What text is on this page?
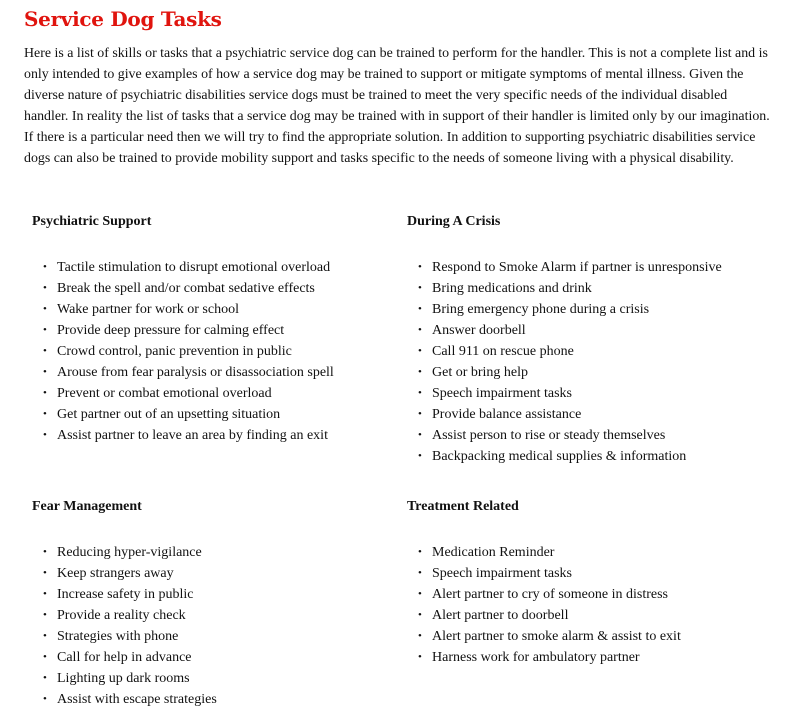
Service Dog Tasks

Here is a list of skills or tasks that a psychiatric service dog can be trained to perform for the handler. This is not a complete list and is only intended to give examples of how a service dog may be trained to support or mitigate symptoms of mental illness. Given the diverse nature of psychiatric disabilities service dogs must be trained to meet the very specific needs of the individual disabled handler. In reality the list of tasks that a service dog may be trained with in support of their handler is limited only by our imagination. If there is a particular need then we will try to find the appropriate solution. In addition to supporting psychiatric disabilities service dogs can also be trained to provide mobility support and tasks specific to the needs of someone living with a physical disability.

Psychiatric Support
• Tactile stimulation to disrupt emotional overload
• Break the spell and/or combat sedative effects
• Wake partner for work or school
• Provide deep pressure for calming effect
• Crowd control, panic prevention in public
• Arouse from fear paralysis or disassociation spell
• Prevent or combat emotional overload
• Get partner out of an upsetting situation
• Assist partner to leave an area by finding an exit
During A Crisis
• Respond to Smoke Alarm if partner is unresponsive
• Bring medications and drink
• Bring emergency phone during a crisis
• Answer doorbell
• Call 911 on rescue phone
• Get or bring help
• Speech impairment tasks
• Provide balance assistance
• Assist person to rise or steady themselves
• Backpacking medical supplies & information
Fear Management
• Reducing hyper-vigilance
• Keep strangers away
• Increase safety in public
• Provide a reality check
• Strategies with phone
• Call for help in advance
• Lighting up dark rooms
• Assist with escape strategies
Treatment Related
• Medication Reminder
• Speech impairment tasks
• Alert partner to cry of someone in distress
• Alert partner to doorbell
• Alert partner to smoke alarm & assist to exit
• Harness work for ambulatory partner
